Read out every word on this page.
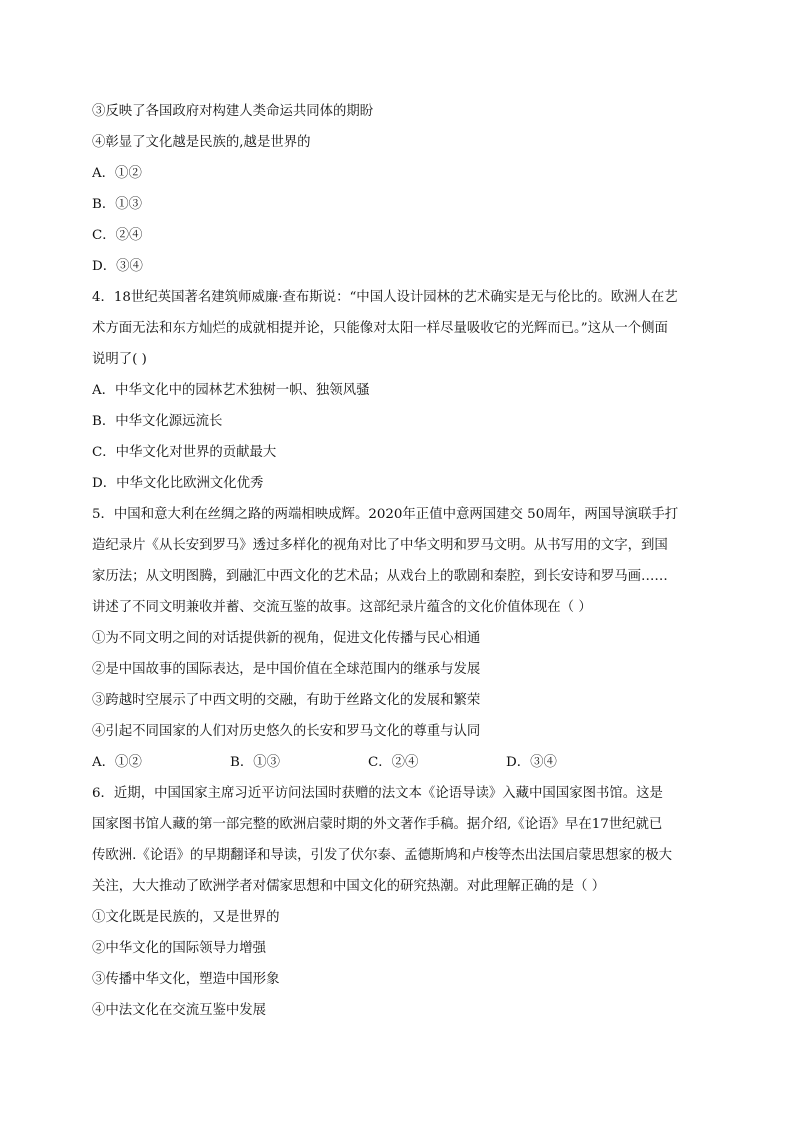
③反映了各国政府对构建人类命运共同体的期盼
④彰显了文化越是民族的,越是世界的
A．①②
B．①③
C．②④
D．③④
4．18世纪英国著名建筑师威廉·查布斯说：“中国人设计园林的艺术确实是无与伦比的。欧洲人在艺
术方面无法和东方灿烂的成就相提并论，只能像对太阳一样尽量吸收它的光辉而已。”这从一个侧面
说明了( )
A．中华文化中的园林艺术独树一帜、独领风骚
B．中华文化源远流长
C．中华文化对世界的贡献最大
D．中华文化比欧洲文化优秀
5．中国和意大利在丝绸之路的两端相映成辉。2020年正值中意两国建交 50周年，两国导演联手打
造纪录片《从长安到罗马》透过多样化的视角对比了中华文明和罗马文明。从书写用的文字，到国
家历法；从文明图腾，到融汇中西文化的艺术品；从戏台上的歌剧和秦腔，到长安诗和罗马画……
讲述了不同文明兼收并蓄、交流互鉴的故事。这部纪录片蕴含的文化价值体现在（ ）
①为不同文明之间的对话提供新的视角，促进文化传播与民心相通
②是中国故事的国际表达，是中国价值在全球范围内的继承与发展
③跨越时空展示了中西文明的交融，有助于丝路文化的发展和繁荣
④引起不同国家的人们对历史悠久的长安和罗马文化的尊重与认同
A．①②	B．①③	C．②④	D．③④
6．近期，中国国家主席习近平访问法国时获赠的法文本《论语导读》入藏中国国家图书馆。这是
国家图书馆人藏的第一部完整的欧洲启蒙时期的外文著作手稿。据介绍,《论语》早在17世纪就已
传欧洲.《论语》的早期翻译和导读，引发了伏尔泰、孟德斯鸠和卢梭等杰出法国启蒙思想家的极大
关注，大大推动了欧洲学者对儒家思想和中国文化的研究热潮。对此理解正确的是（ ）
①文化既是民族的，又是世界的
②中华文化的国际领导力增强
③传播中华文化，塑造中国形象
④中法文化在交流互鉴中发展
